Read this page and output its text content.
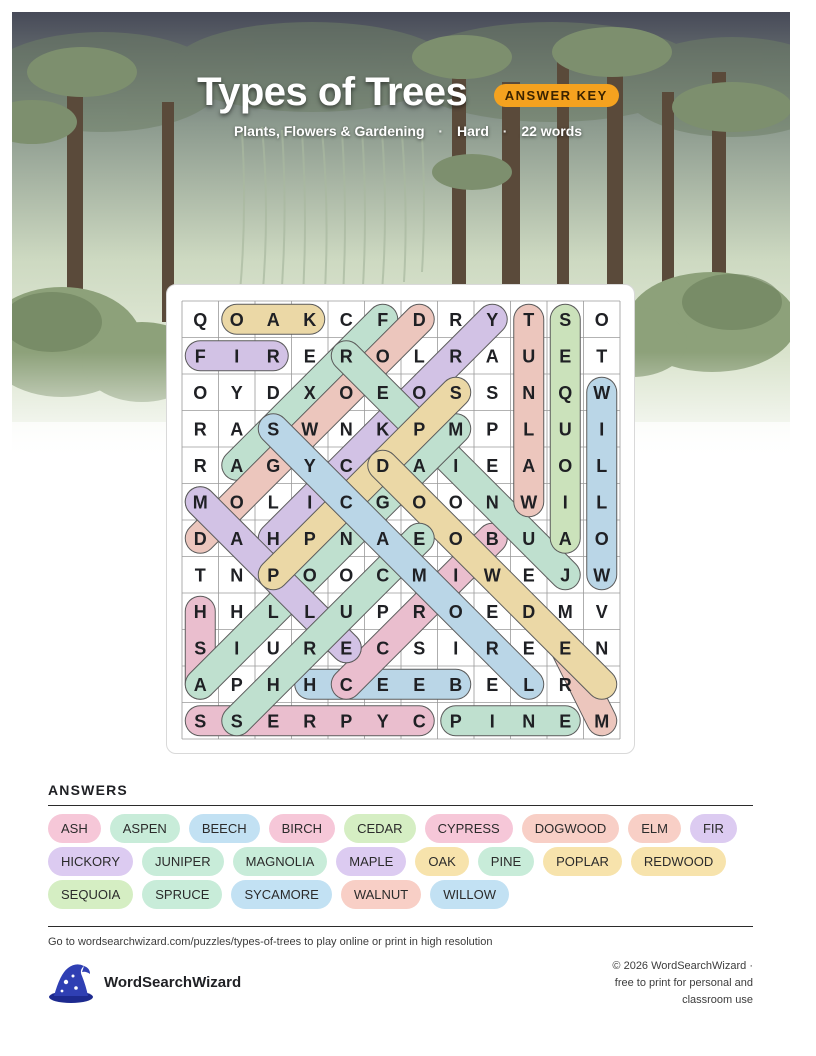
Types of Trees	ANSWER KEY
Plants, Flowers & Gardening · Hard · 22 words
Q O A K C F D R Y T S O
F I R E R O L R A U E T
O Y D X O E O S S N Q W
R A S W N K P M P L U I
R A G Y C D A I E A O L
M O L I C G O O N W I L
D A H P N A E O B U A O
T N P O O C M I W E J W
H H L L U P R O E D M V
S I U R E C S I R E E N
A P H H C E E B E L R
S S E R P Y C P I N E M
ANSWERS
ASH	ASPEN	BEECH	BIRCH	CEDAR	CYPRESS	DOGWOOD	ELM	FIRHICKORY	JUNIPER	MAGNOLIA	MAPLE	OAK	PINE	POPLAR	REDWOODSEQUOIA	SPRUCE	SYCAMORE	WALNUT	WILLOW
Go to wordsearchwizard.com/puzzles/types-of-trees to play online or print in high resolution
WordSearchWizard
© 2026 WordSearchWizard ·
free to print for personal and
classroom use
